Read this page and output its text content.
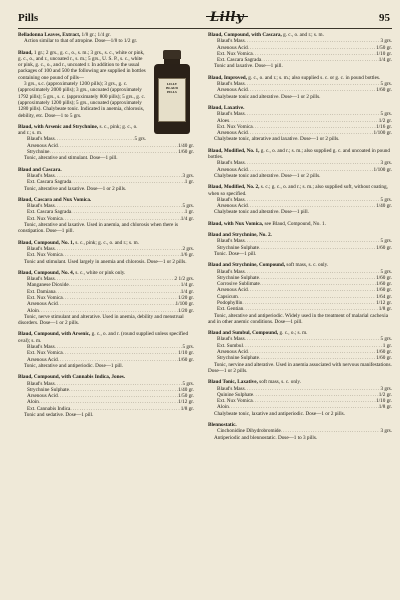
Pills	Lilly	95
Belladonna Leaves, Extract, 1/8 gr.; 1/4 gr.
Action similar to that of atropine. Dose—1/8 to 1/2 gr.
LILLY
BLAUD
PILLS
Blaud, 1 gr.; 2 grs., g. c., o., s. m.; 3 grs., s. c., white or pink, g. c., o., and r., uncoated r., s. m.; 5 grs., U. S. P., s. c., white or pink, g. c., o., and r., uncoated r. In addition to the usual packages of 100 and 500 the following are supplied in bottles containing one pound of pills—
3 grs., s.c. (approximately 1200 pills); 3 grs., g. c. (approximately 2000 pills); 3 grs., uncoated (approximately 1792 pills); 5 grs., s. c. (approximately 800 pills); 5 grs., g. c. (approximately 1200 pills); 5 grs., uncoated (approximately 1280 pills). Chalybeate tonic. Indicated in anemia, chlorosis, debility, etc. Dose—1 to 5 grs.
Blaud, with Arsenic and Strychnine, s. c., pink; g. c., o. and r.; s. m.
Blaud's Mass .....	5 grs.
Arsenous Acid .....	1/40 gr.
Strychnine .....	1/60 gr.
Tonic, alterative and stimulant. Dose—1 pill.
Blaud and Cascara.
Blaud's Mass .....	3 grs.
Ext. Cascara Sagrada .....	1 gr.
Tonic, alterative and laxative. Dose—1 or 2 pills.
Blaud, Cascara and Nux Vomica.
Blaud's Mass .....	5 grs.
Ext. Cascara Sagrada .....	1 gr.
Ext. Nux Vomica .....	1/4 gr.
Tonic, alterative and laxative. Used in anemia, and chlorosis when there is constipation. Dose—1 pill.
Blaud, Compound, No. 1, s. c., pink; g. c., o. and r.; s. m.
Blaud's Mass .....	2 grs.
Ext. Nux Vomica .....	1/6 gr.
Tonic and stimulant. Used largely in anemia and chlorosis. Dose—1 or 2 pills.
Blaud, Compound, No. 4, s. c., white or pink only.
Blaud's Mass .....	2 1/2 grs.
Manganese Dioxide .....	1/4 gr.
Ext. Damiana .....	1/4 gr.
Ext. Nux Vomica .....	1/20 gr.
Arsenous Acid .....	1/100 gr.
Aloin .....	1/20 gr.
Tonic, nerve stimulant and alterative. Used in anemia, debility and menstrual disorders. Dose—1 or 2 pills.
Blaud, Compound, with Arsenic, g. c., o. and r. (round supplied unless specified oval); s. m.
Blaud's Mass .....	5 grs.
Ext. Nux Vomica .....	1/10 gr.
Arsenous Acid .....	1/60 gr.
Tonic, alterative and antiperiodic. Dose—1 pill.
Blaud, Compound, with Cannabis Indica, Jones.
Blaud's Mass .....	5 grs.
Strychnine Sulphate .....	1/40 gr.
Arsenous Acid .....	1/50 gr.
Aloin .....	1/12 gr.
Ext. Cannabis Indica .....	1/8 gr.
Tonic and sedative. Dose—1 pill.
Blaud, Compound, with Cascara, g. c., o. and r.; s. m.
Blaud's Mass .....	3 grs.
Arsenous Acid .....	1/50 gr.
Ext. Nux Vomica .....	1/10 gr.
Ext. Cascara Sagrada .....	1/4 gr.
Tonic and laxative. Dose—1 pill.
Blaud, Improved, g. c., o. and r.; s. m.; also supplied s. c. or g. c. in pound bottles.
Blaud's Mass .....	5 grs.
Arsenous Acid .....	1/60 gr.
Chalybeate tonic and alterative. Dose—1 or 2 pills.
Blaud, Laxative.
Blaud's Mass .....	5 grs.
Aloes .....	1/2 gr.
Ext. Nux Vomica .....	1/16 gr.
Arsenous Acid .....	1/100 gr.
Chalybeate tonic, alterative and laxative. Dose—1 or 2 pills.
Blaud, Modified, No. 1, g. c., o. and r.; s. m.; also supplied g. c. and uncoated in pound bottles.
Blaud's Mass .....	3 grs.
Arsenous Acid .....	1/100 gr.
Chalybeate tonic and alterative. Dose—1 or 2 pills.
Blaud, Modified, No. 2, s. c.; g. c., o. and r.; s. m.; also supplied soft, without coating, when so specified.
Blaud's Mass .....	5 grs.
Arsenous Acid .....	1/40 gr.
Chalybeate tonic and alterative. Dose—1 pill.
Blaud, with Nux Vomica, see Blaud, Compound, No. 1.
Blaud and Strychnine, No. 2.
Blaud's Mass .....	5 grs.
Strychnine Sulphate .....	1/60 gr.
Tonic. Dose—1 pill.
Blaud and Strychnine, Compound, soft mass, s. c. only.
Blaud's Mass .....	5 grs.
Strychnine Sulphate .....	1/60 gr.
Corrosive Sublimate .....	1/60 gr.
Arsenous Acid .....	1/60 gr.
Capsicum .....	1/64 gr.
Podophyllin .....	1/12 gr.
Ext. Gentian .....	1/8 gr.
Tonic, alterative and antiperiodic. Widely used in the treatment of malarial cachexia and in other anemic conditions. Dose—1 pill.
Blaud and Sumbul, Compound, g. c., o.; s. m.
Blaud's Mass .....	5 grs.
Ext. Sumbul .....	1 gr.
Arsenous Acid .....	1/60 gr.
Strychnine Sulphate .....	1/60 gr.
Tonic, nervine and alterative. Used in anemia associated with nervous manifestations. Dose—1 or 2 pills.
Blaud Tonic, Laxative, soft mass, s. c. only.
Blaud's Mass .....	3 grs.
Quinine Sulphate .....	1/2 gr.
Ext. Nux Vomica .....	1/10 gr.
Aloin .....	1/8 gr.
Chalybeate tonic, laxative and antiperiodic. Dose—1 or 2 pills.
Blennostatic.
Cinchonidine Dihydrobromide .....	3 grs.
Antiperiodic and blennostatic. Dose—1 to 3 pills.
